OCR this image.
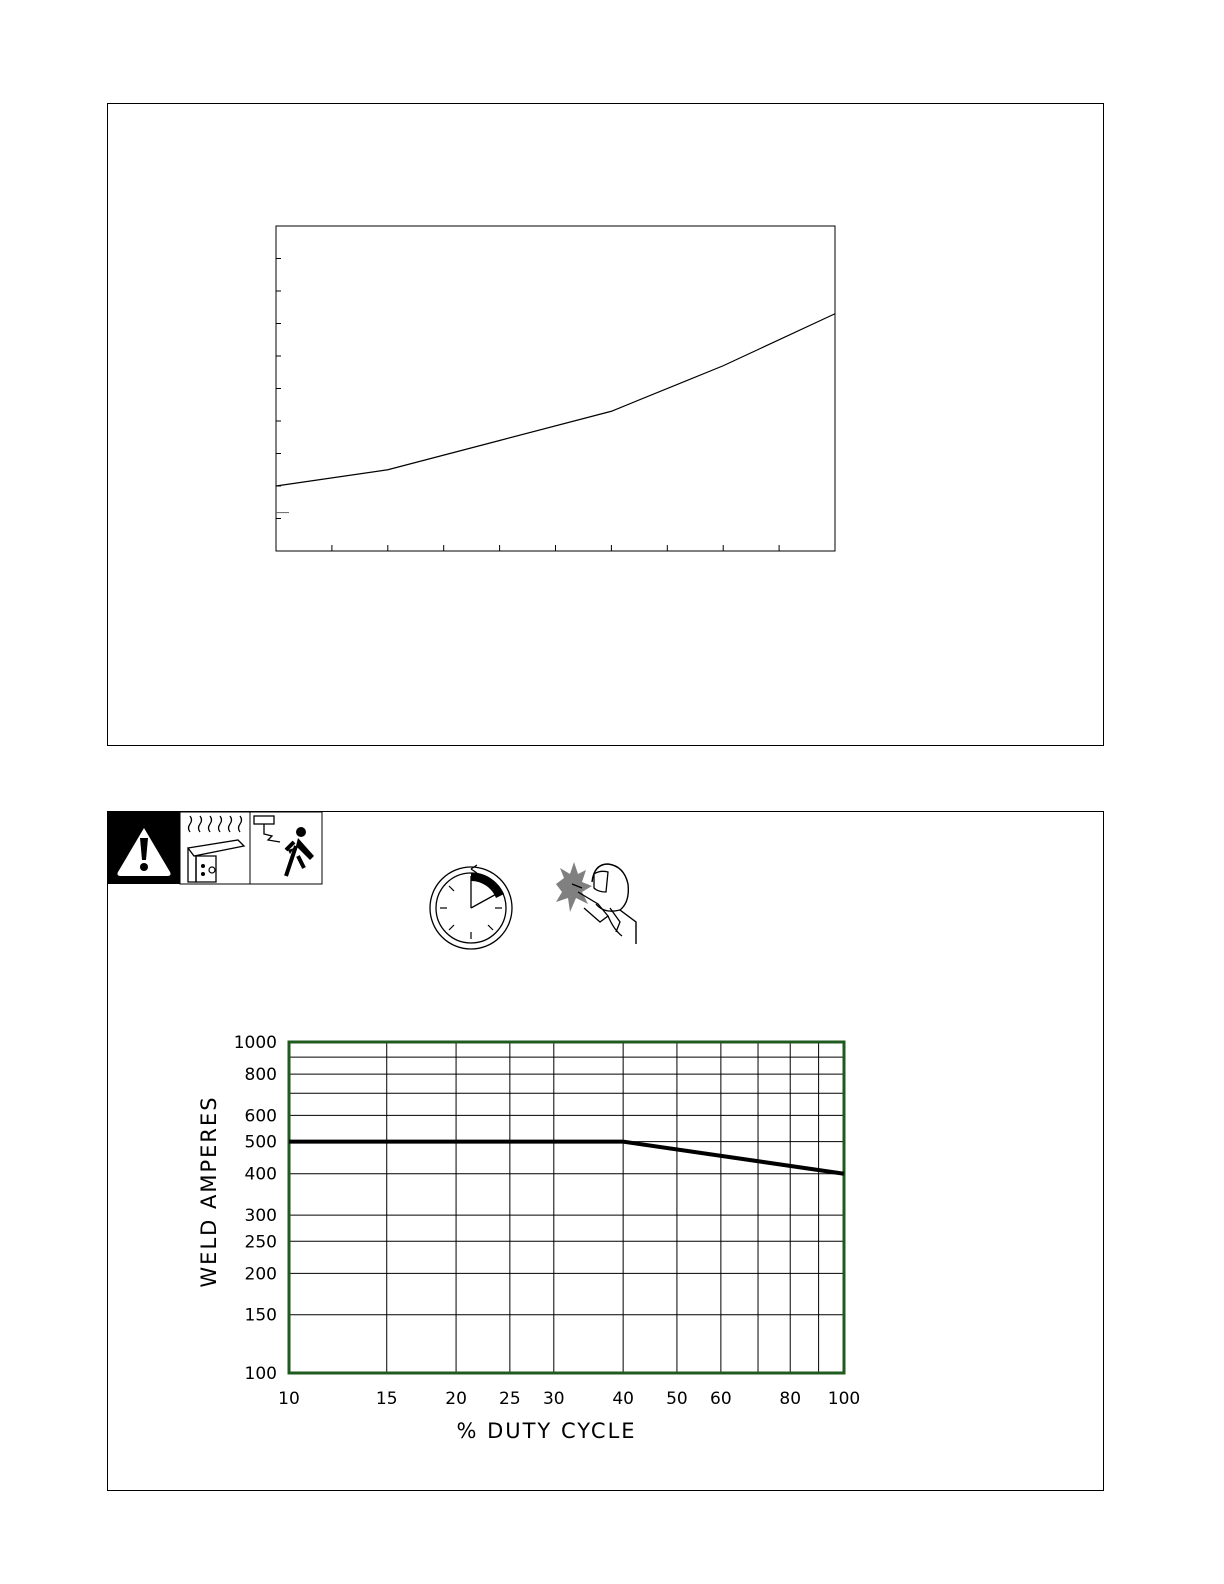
10	15	20 25 30	40 50 60	80 100
100
150
200
250
300
400
500
600
800
1000
% DUTY CYCLE
WELD AMPERES
